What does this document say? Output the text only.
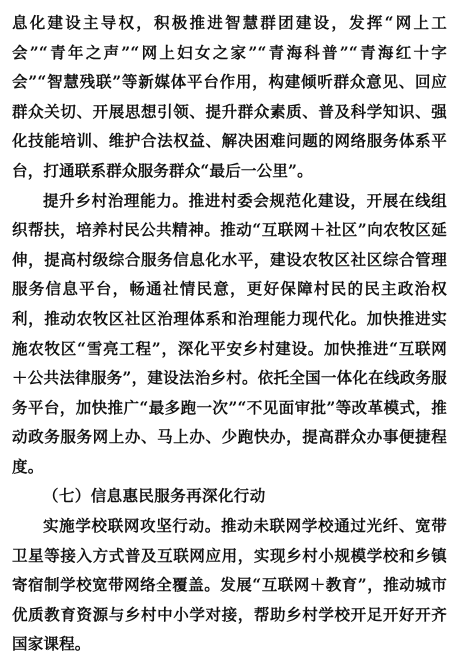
息化建设主导权，积极推进智慧群团建设，发挥“网上工会”“青年之声”“网上妇女之家”“青海科普”“青海红十字会”“智慧残联”等新媒体平台作用，构建倾听群众意见、回应群众关切、开展思想引领、提升群众素质、普及科学知识、强化技能培训、维护合法权益、解决困难问题的网络服务体系平台，打通联系群众服务群众“最后一公里”。

提升乡村治理能力。推进村委会规范化建设，开展在线组织帮扶，培养村民公共精神。推动“互联网＋社区”向农牧区延伸，提高村级综合服务信息化水平，建设农牧区社区综合管理服务信息平台，畅通社情民意，更好保障村民的民主政治权利，推动农牧区社区治理体系和治理能力现代化。加快推进实施农牧区“雪亮工程”，深化平安乡村建设。加快推进“互联网＋公共法律服务”，建设法治乡村。依托全国一体化在线政务服务平台，加快推广“最多跑一次”“不见面审批”等改革模式，推动政务服务网上办、马上办、少跑快办，提高群众办事便捷程度。

（七）信息惠民服务再深化行动

实施学校联网攻坚行动。推动未联网学校通过光纤、宽带卫星等接入方式普及互联网应用，实现乡村小规模学校和乡镇寄宿制学校宽带网络全覆盖。发展“互联网＋教育”，推动城市优质教育资源与乡村中小学对接，帮助乡村学校开足开好开齐国家课程。
